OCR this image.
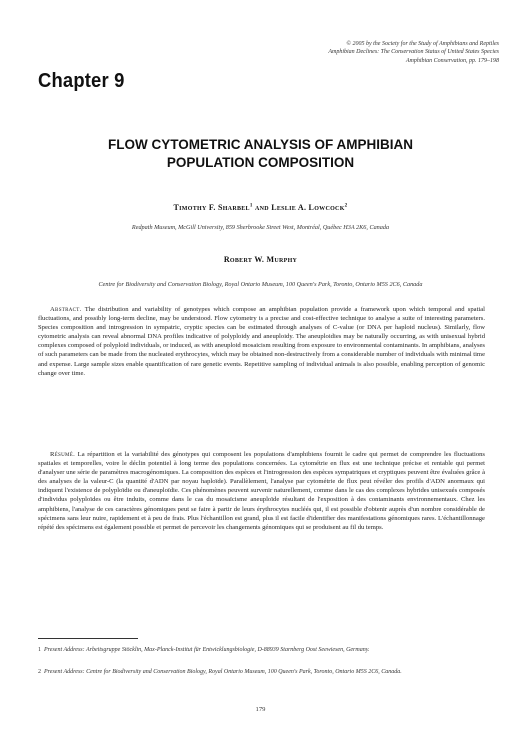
© 2005 by the Society for the Study of Amphibians and Reptiles
Amphibian Declines: The Conservation Status of United States Species
Amphibian Conservation, pp. 179–198
Chapter 9
FLOW CYTOMETRIC ANALYSIS OF AMPHIBIAN
POPULATION COMPOSITION
Timothy F. Sharbel$^1$ and Leslie A. Lowcock$^2$
Redpath Museum, McGill University, 859 Sherbrooke Street West, Montréal, Québec H3A 2K6, Canada
Robert W. Murphy
Centre for Biodiversity and Conservation Biology, Royal Ontario Museum, 100 Queen's Park, Toronto, Ontario M5S 2C6, Canada
Abstract. The distribution and variability of genotypes which compose an amphibian population provide a framework upon which temporal and spatial fluctuations, and possibly long-term decline, may be understood. Flow cytometry is a precise and cost-effective technique to analyse a suite of interesting parameters. Species composition and introgression in sympatric, cryptic species can be estimated through analyses of C-value (or DNA per haploid nucleus). Similarly, flow cytometric analysis can reveal abnormal DNA profiles indicative of polyploidy and aneuploidy. The aneuploidies may be naturally occurring, as with unisexual hybrid complexes composed of polyploid individuals, or induced, as with aneuploid mosaicism resulting from exposure to environmental contaminants. In amphibians, analyses of such parameters can be made from the nucleated erythrocytes, which may be obtained non-destructively from a considerable number of individuals with minimal time and expense. Large sample sizes enable quantification of rare genetic events. Repetitive sampling of individual animals is also possible, enabling perception of genomic change over time.
Résumé. La répartition et la variabilité des génotypes qui composent les populations d'amphibiens fournit le cadre qui permet de comprendre les fluctuations spatiales et temporelles, voire le déclin potentiel à long terme des populations concernées. La cytométrie en flux est une technique précise et rentable qui permet d'analyser une série de paramètres macrogénomiques. La composition des espèces et l'introgression des espèces sympatriques et cryptiques peuvent être évaluées grâce à des analyses de la valeur-C (la quantité d'ADN par noyau haploïde). Parallèlement, l'analyse par cytométrie de flux peut révéler des profils d'ADN anormaux qui indiquent l'existence de polyploïdie ou d'aneuploïdie. Ces phénomènes peuvent survenir naturellement, comme dans le cas des complexes hybrides unisexués composés d'individus polyploïdes ou être induits, comme dans le cas du mosaïcisme aneuploïde résultant de l'exposition à des contaminants environnementaux. Chez les amphibiens, l'analyse de ces caractères génomiques peut se faire à partir de leurs érythrocytes nucléés qui, il est possible d'obtenir auprès d'un nombre considérable de spécimens sans leur nuire, rapidement et à peu de frais. Plus l'échantillon est grand, plus il est facile d'identifier des manifestations génomiques rares. L'échantillonnage répété des spécimens est également possible et permet de percevoir les changements génomiques qui se produisent au fil du temps.
1 Present Address: Arbeitsgruppe Stöcklin, Max-Planck-Institut für Entwicklungsbiologie, D-88939 Starnberg Oost Seewiesen, Germany.
2 Present Address: Centre for Biodiversity and Conservation Biology, Royal Ontario Museum, 100 Queen's Park, Toronto, Ontario M5S 2C6, Canada.
179
